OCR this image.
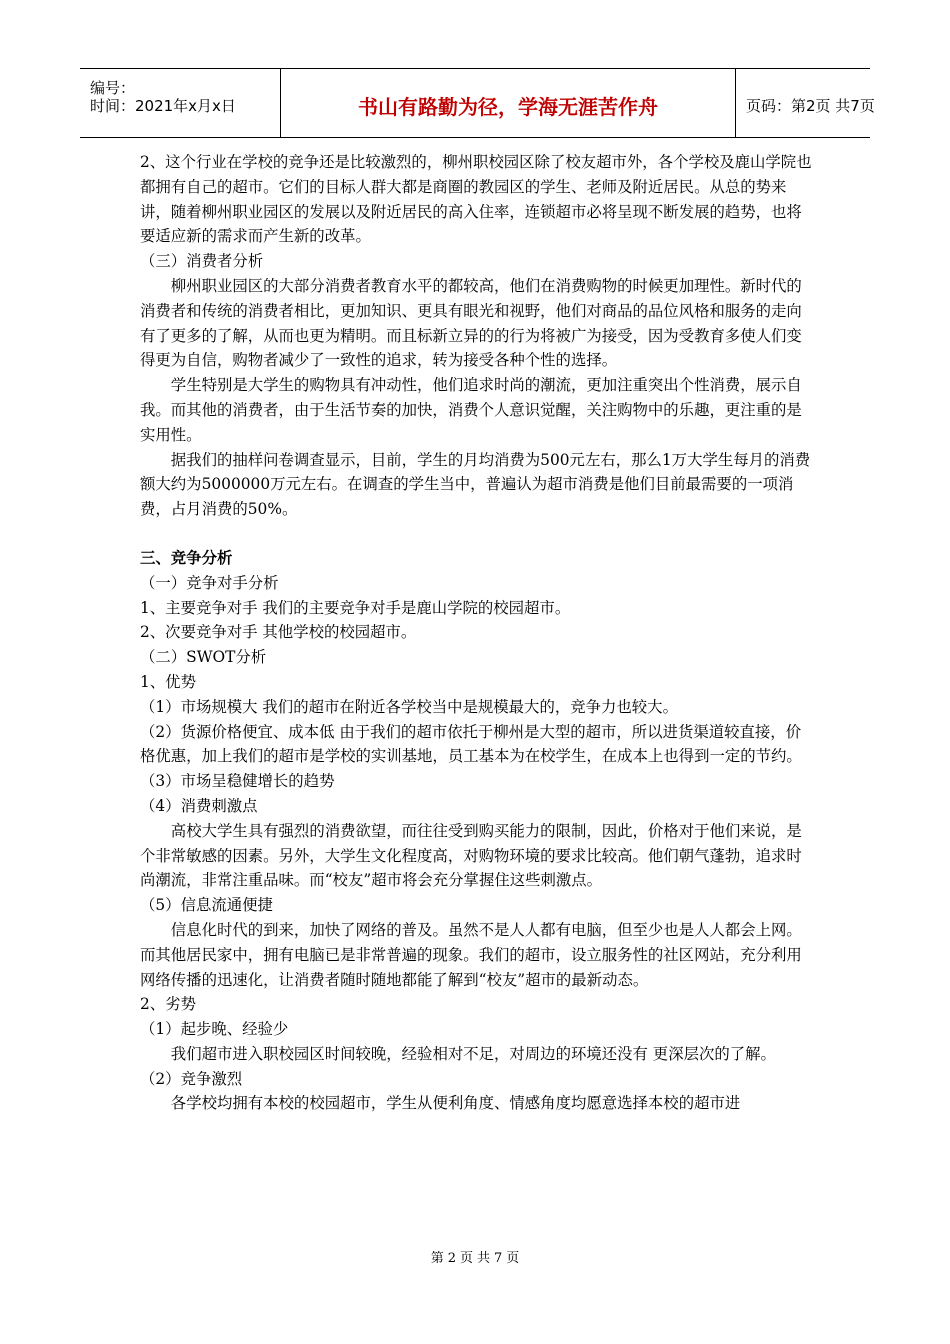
编号：
时间：2021年x月x日	书山有路勤为径，学海无涯苦作舟	页码：第2页 共7页

2、这个行业在学校的竞争还是比较激烈的，柳州职校园区除了校友超市外，各个学校及鹿山学院也都拥有自己的超市。它们的目标人群大都是商圈的教园区的学生、老师及附近居民。从总的势来讲，随着柳州职业园区的发展以及附近居民的高入住率，连锁超市必将呈现不断发展的趋势，也将要适应新的需求而产生新的改革。

（三）消费者分析

柳州职业园区的大部分消费者教育水平的都较高，他们在消费购物的时候更加理性。新时代的消费者和传统的消费者相比，更加知识、更具有眼光和视野，他们对商品的品位风格和服务的走向有了更多的了解，从而也更为精明。而且标新立异的的行为将被广为接受，因为受教育多使人们变得更为自信，购物者减少了一致性的追求，转为接受各种个性的选择。

学生特别是大学生的购物具有冲动性，他们追求时尚的潮流，更加注重突出个性消费，展示自我。而其他的消费者，由于生活节奏的加快，消费个人意识觉醒，关注购物中的乐趣，更注重的是实用性。

据我们的抽样问卷调查显示，目前，学生的月均消费为500元左右，那么1万大学生每月的消费额大约为5000000万元左右。在调查的学生当中，普遍认为超市消费是他们目前最需要的一项消费，占月消费的50%。

三、竞争分析

（一）竞争对手分析

1、主要竞争对手 我们的主要竞争对手是鹿山学院的校园超市。

2、次要竞争对手 其他学校的校园超市。

（二）SWOT分析

1、优势

（1）市场规模大 我们的超市在附近各学校当中是规模最大的，竞争力也较大。

（2）货源价格便宜、成本低 由于我们的超市依托于柳州是大型的超市，所以进货渠道较直接，价格优惠，加上我们的超市是学校的实训基地，员工基本为在校学生，在成本上也得到一定的节约。

（3）市场呈稳健增长的趋势

（4）消费刺激点

高校大学生具有强烈的消费欲望，而往往受到购买能力的限制，因此，价格对于他们来说，是个非常敏感的因素。另外，大学生文化程度高，对购物环境的要求比较高。他们朝气蓬勃，追求时尚潮流，非常注重品味。而“校友”超市将会充分掌握住这些刺激点。

（5）信息流通便捷

信息化时代的到来，加快了网络的普及。虽然不是人人都有电脑，但至少也是人人都会上网。而其他居民家中，拥有电脑已是非常普遍的现象。我们的超市，设立服务性的社区网站，充分利用网络传播的迅速化，让消费者随时随地都能了解到“校友”超市的最新动态。

2、劣势

（1）起步晚、经验少

我们超市进入职校园区时间较晚，经验相对不足，对周边的环境还没有 更深层次的了解。

（2）竞争激烈

各学校均拥有本校的校园超市，学生从便利角度、情感角度均愿意选择本校的超市进

第 2 页 共 7 页
